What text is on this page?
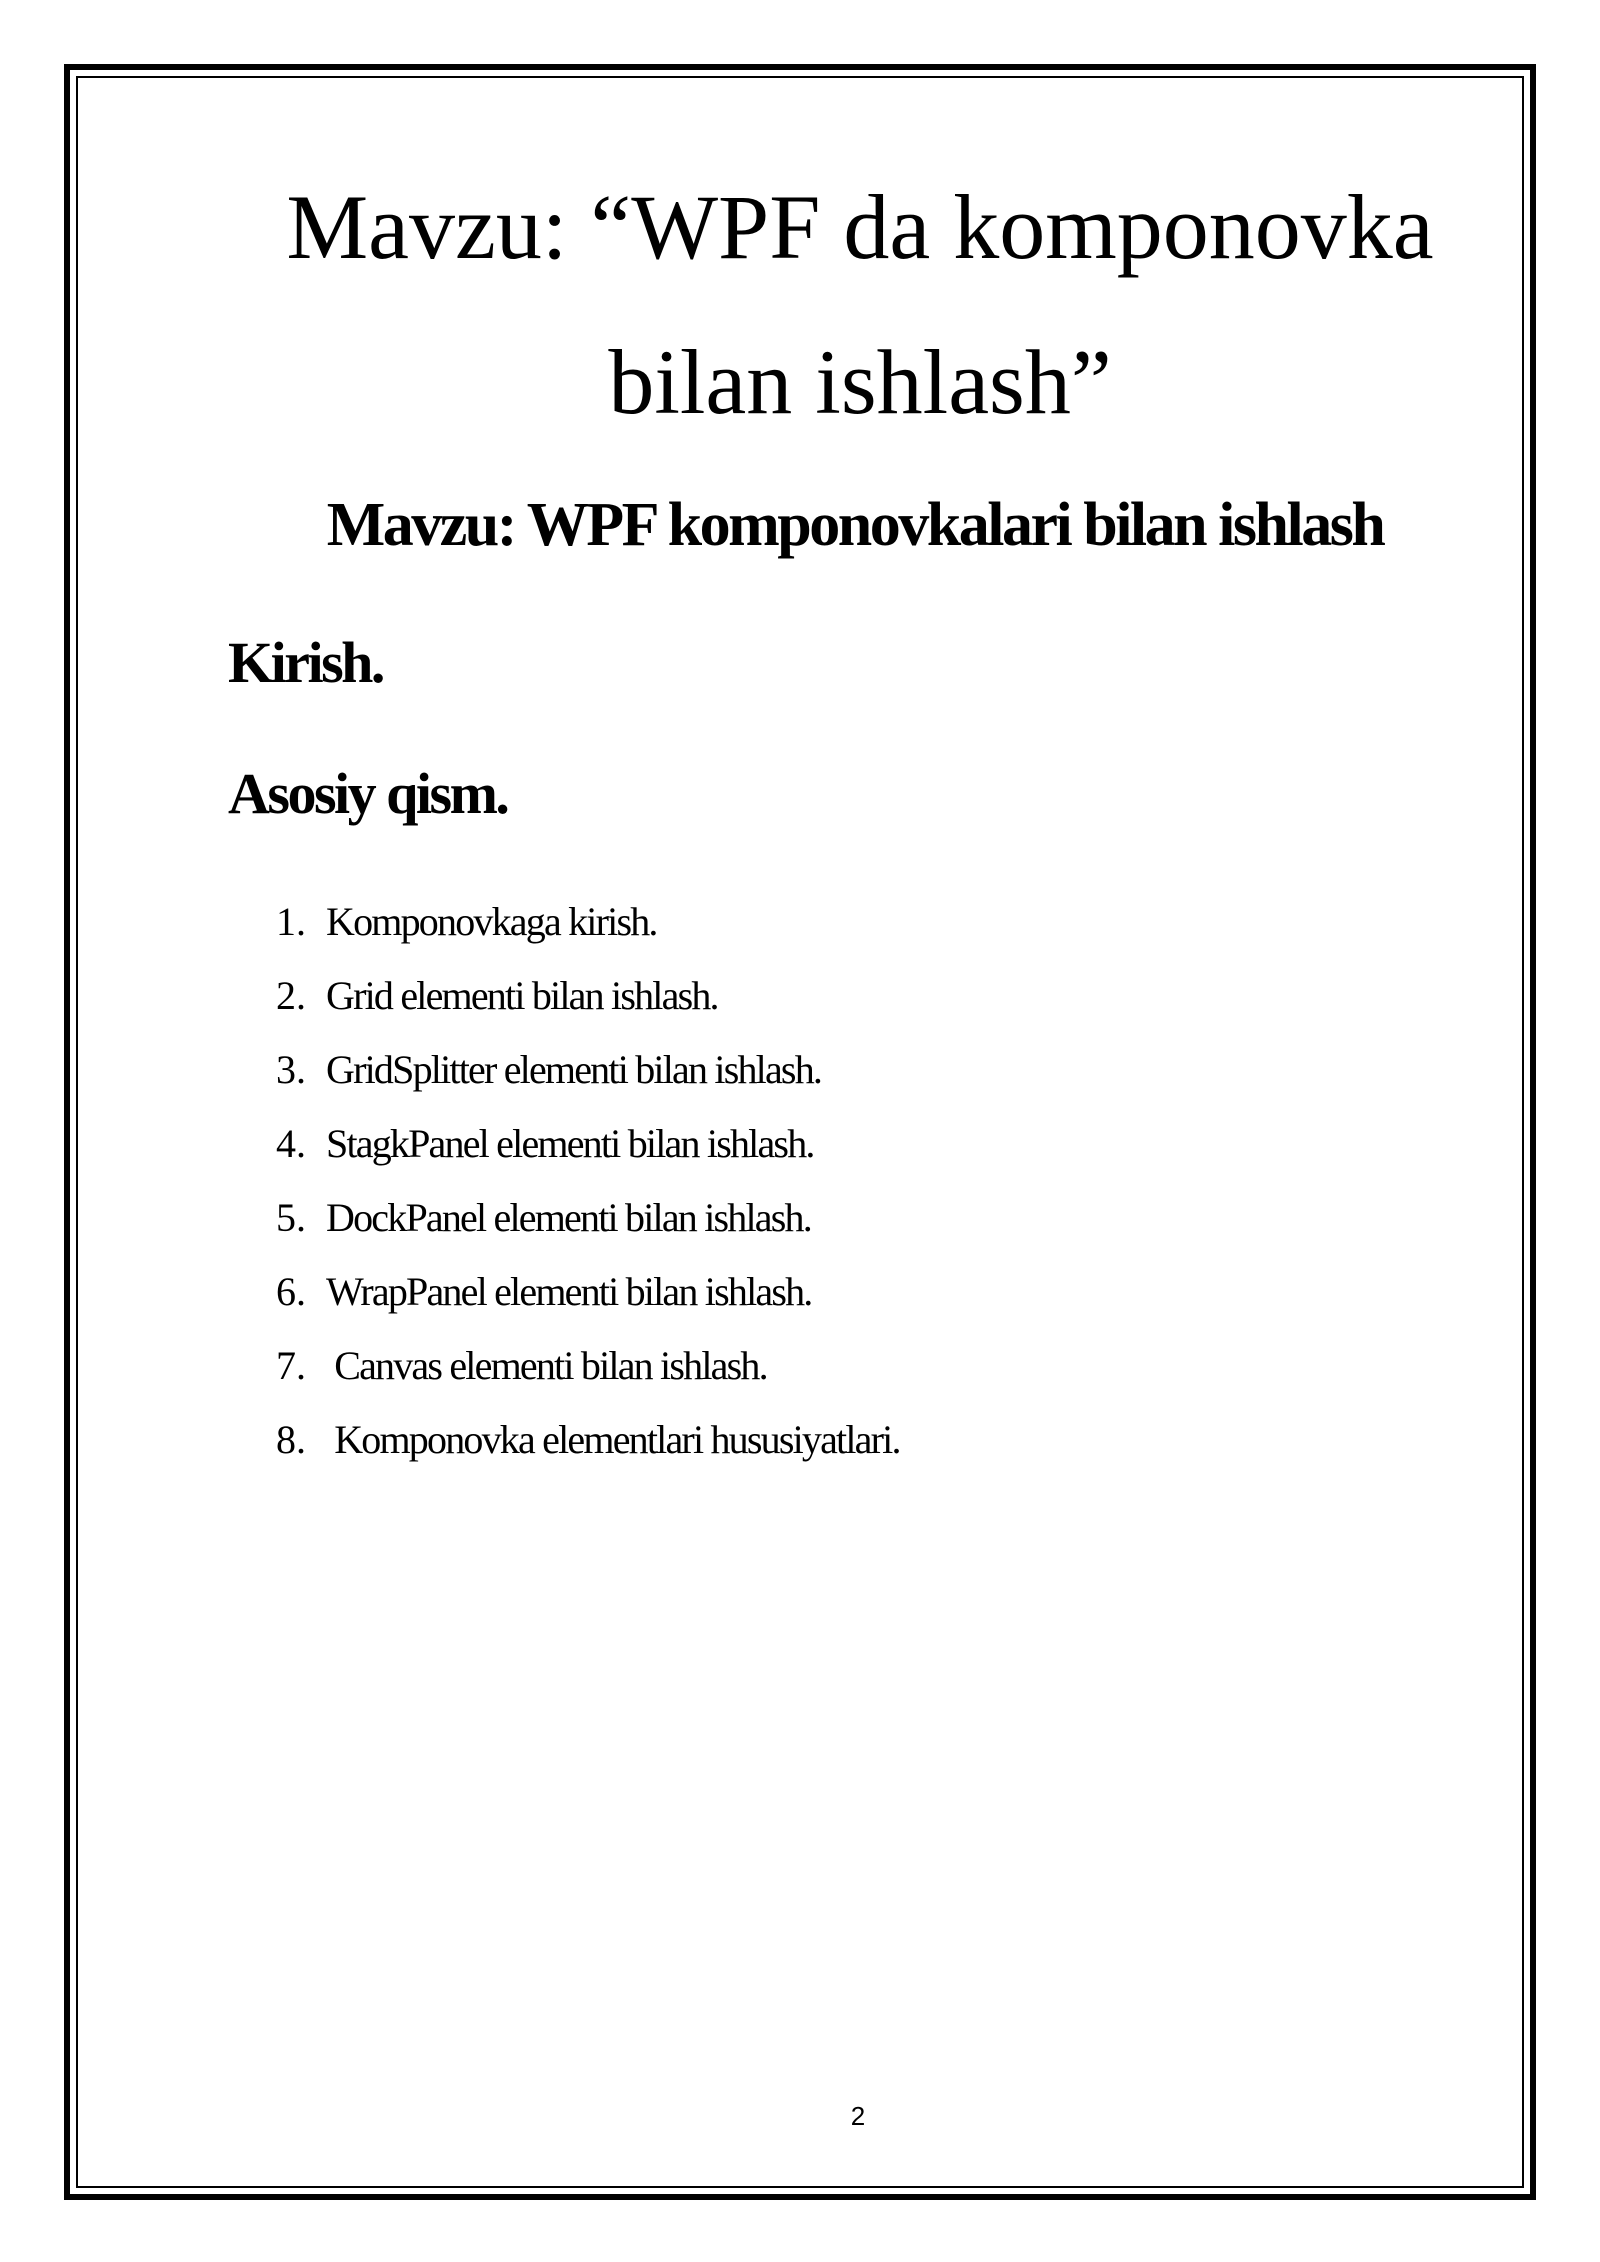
Mavzu: “WPF da komponovka
bilan ishlash”
Mavzu: WPF komponovkalari bilan ishlash
Kirish.
Asosiy qism.
1. Komponovkaga kirish.
2. Grid elementi bilan ishlash.
3. GridSplitter elementi bilan ishlash.
4. StagkPanel elementi bilan ishlash.
5. DockPanel elementi bilan ishlash.
6. WrapPanel elementi bilan ishlash.
7. Canvas elementi bilan ishlash.
8. Komponovka elementlari hususiyatlari.
2
